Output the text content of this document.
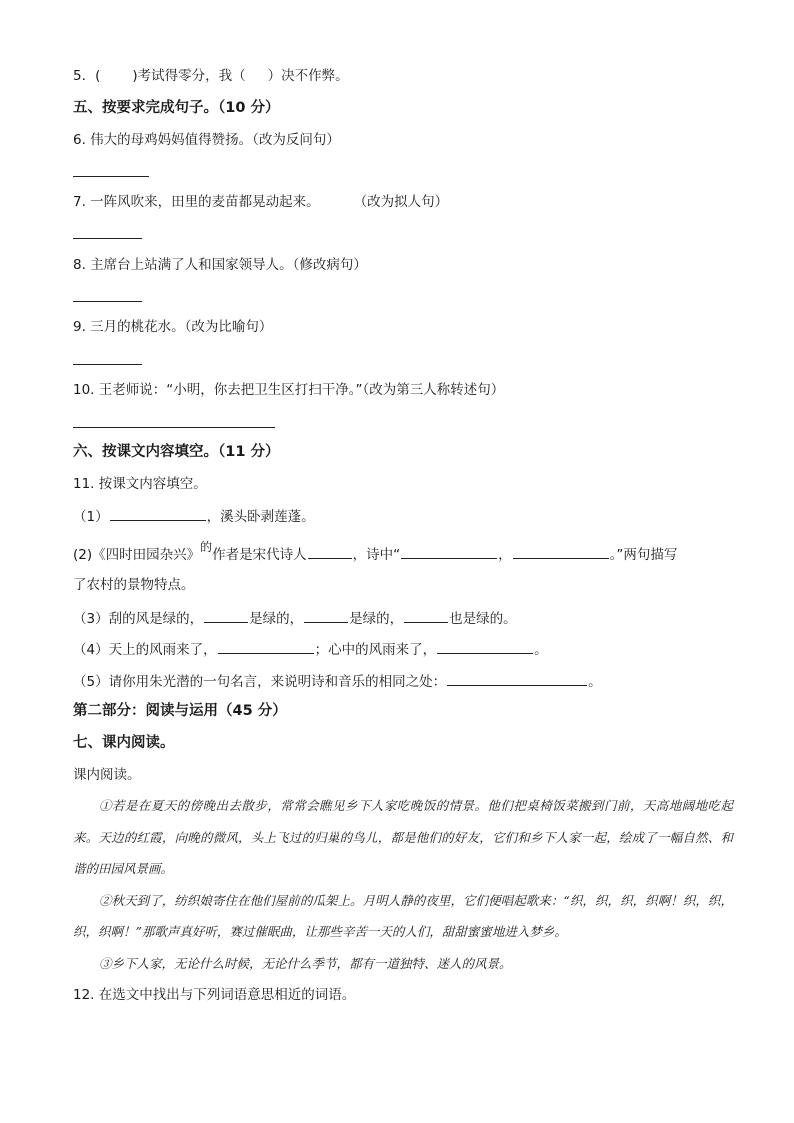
5．( )考试得零分，我（ ）决不作弊。
五、按要求完成句子。（10 分）
6. 伟大的母鸡妈妈值得赞扬。（改为反问句）
7. 一阵风吹来，田里的麦苗都晃动起来。	（改为拟人句）
8. 主席台上站满了人和国家领导人。（修改病句）
9. 三月的桃花水。（改为比喻句）
10. 王老师说：“小明，你去把卫生区打扫干净。”（改为第三人称转述句）
六、按课文内容填空。（11 分）
11. 按课文内容填空。
（1）	，溪头卧剥莲蓬。
(2)《四时田园杂兴》的作者是宋代诗人	，诗中“	，	。”两句描写
了农村的景物特点。
（3）刮的风是绿的，	是绿的，	是绿的，	也是绿的。
（4）天上的风雨来了，	；心中的风雨来了，	。
（5）请你用朱光潜的一句名言，来说明诗和音乐的相同之处：	。
第二部分：阅读与运用（45 分）
七、课内阅读。
课内阅读。

①若是在夏天的傍晚出去散步，常常会瞧见乡下人家吃晚饭的情景。他们把桌椅饭菜搬到门前，天高地阔地吃起来。天边的红霞，向晚的微风，头上飞过的归巢的鸟儿，都是他们的好友，它们和乡下人家一起，绘成了一幅自然、和谐的田园风景画。

②秋天到了，纺织娘寄住在他们屋前的瓜架上。月明人静的夜里，它们便唱起歌来：“织，织，织，织啊！织，织，织，织啊！”那歌声真好听，赛过催眠曲，让那些辛苦一天的人们，甜甜蜜蜜地进入梦乡。

③乡下人家，无论什么时候，无论什么季节，都有一道独特、迷人的风景。

12. 在选文中找出与下列词语意思相近的词语。
